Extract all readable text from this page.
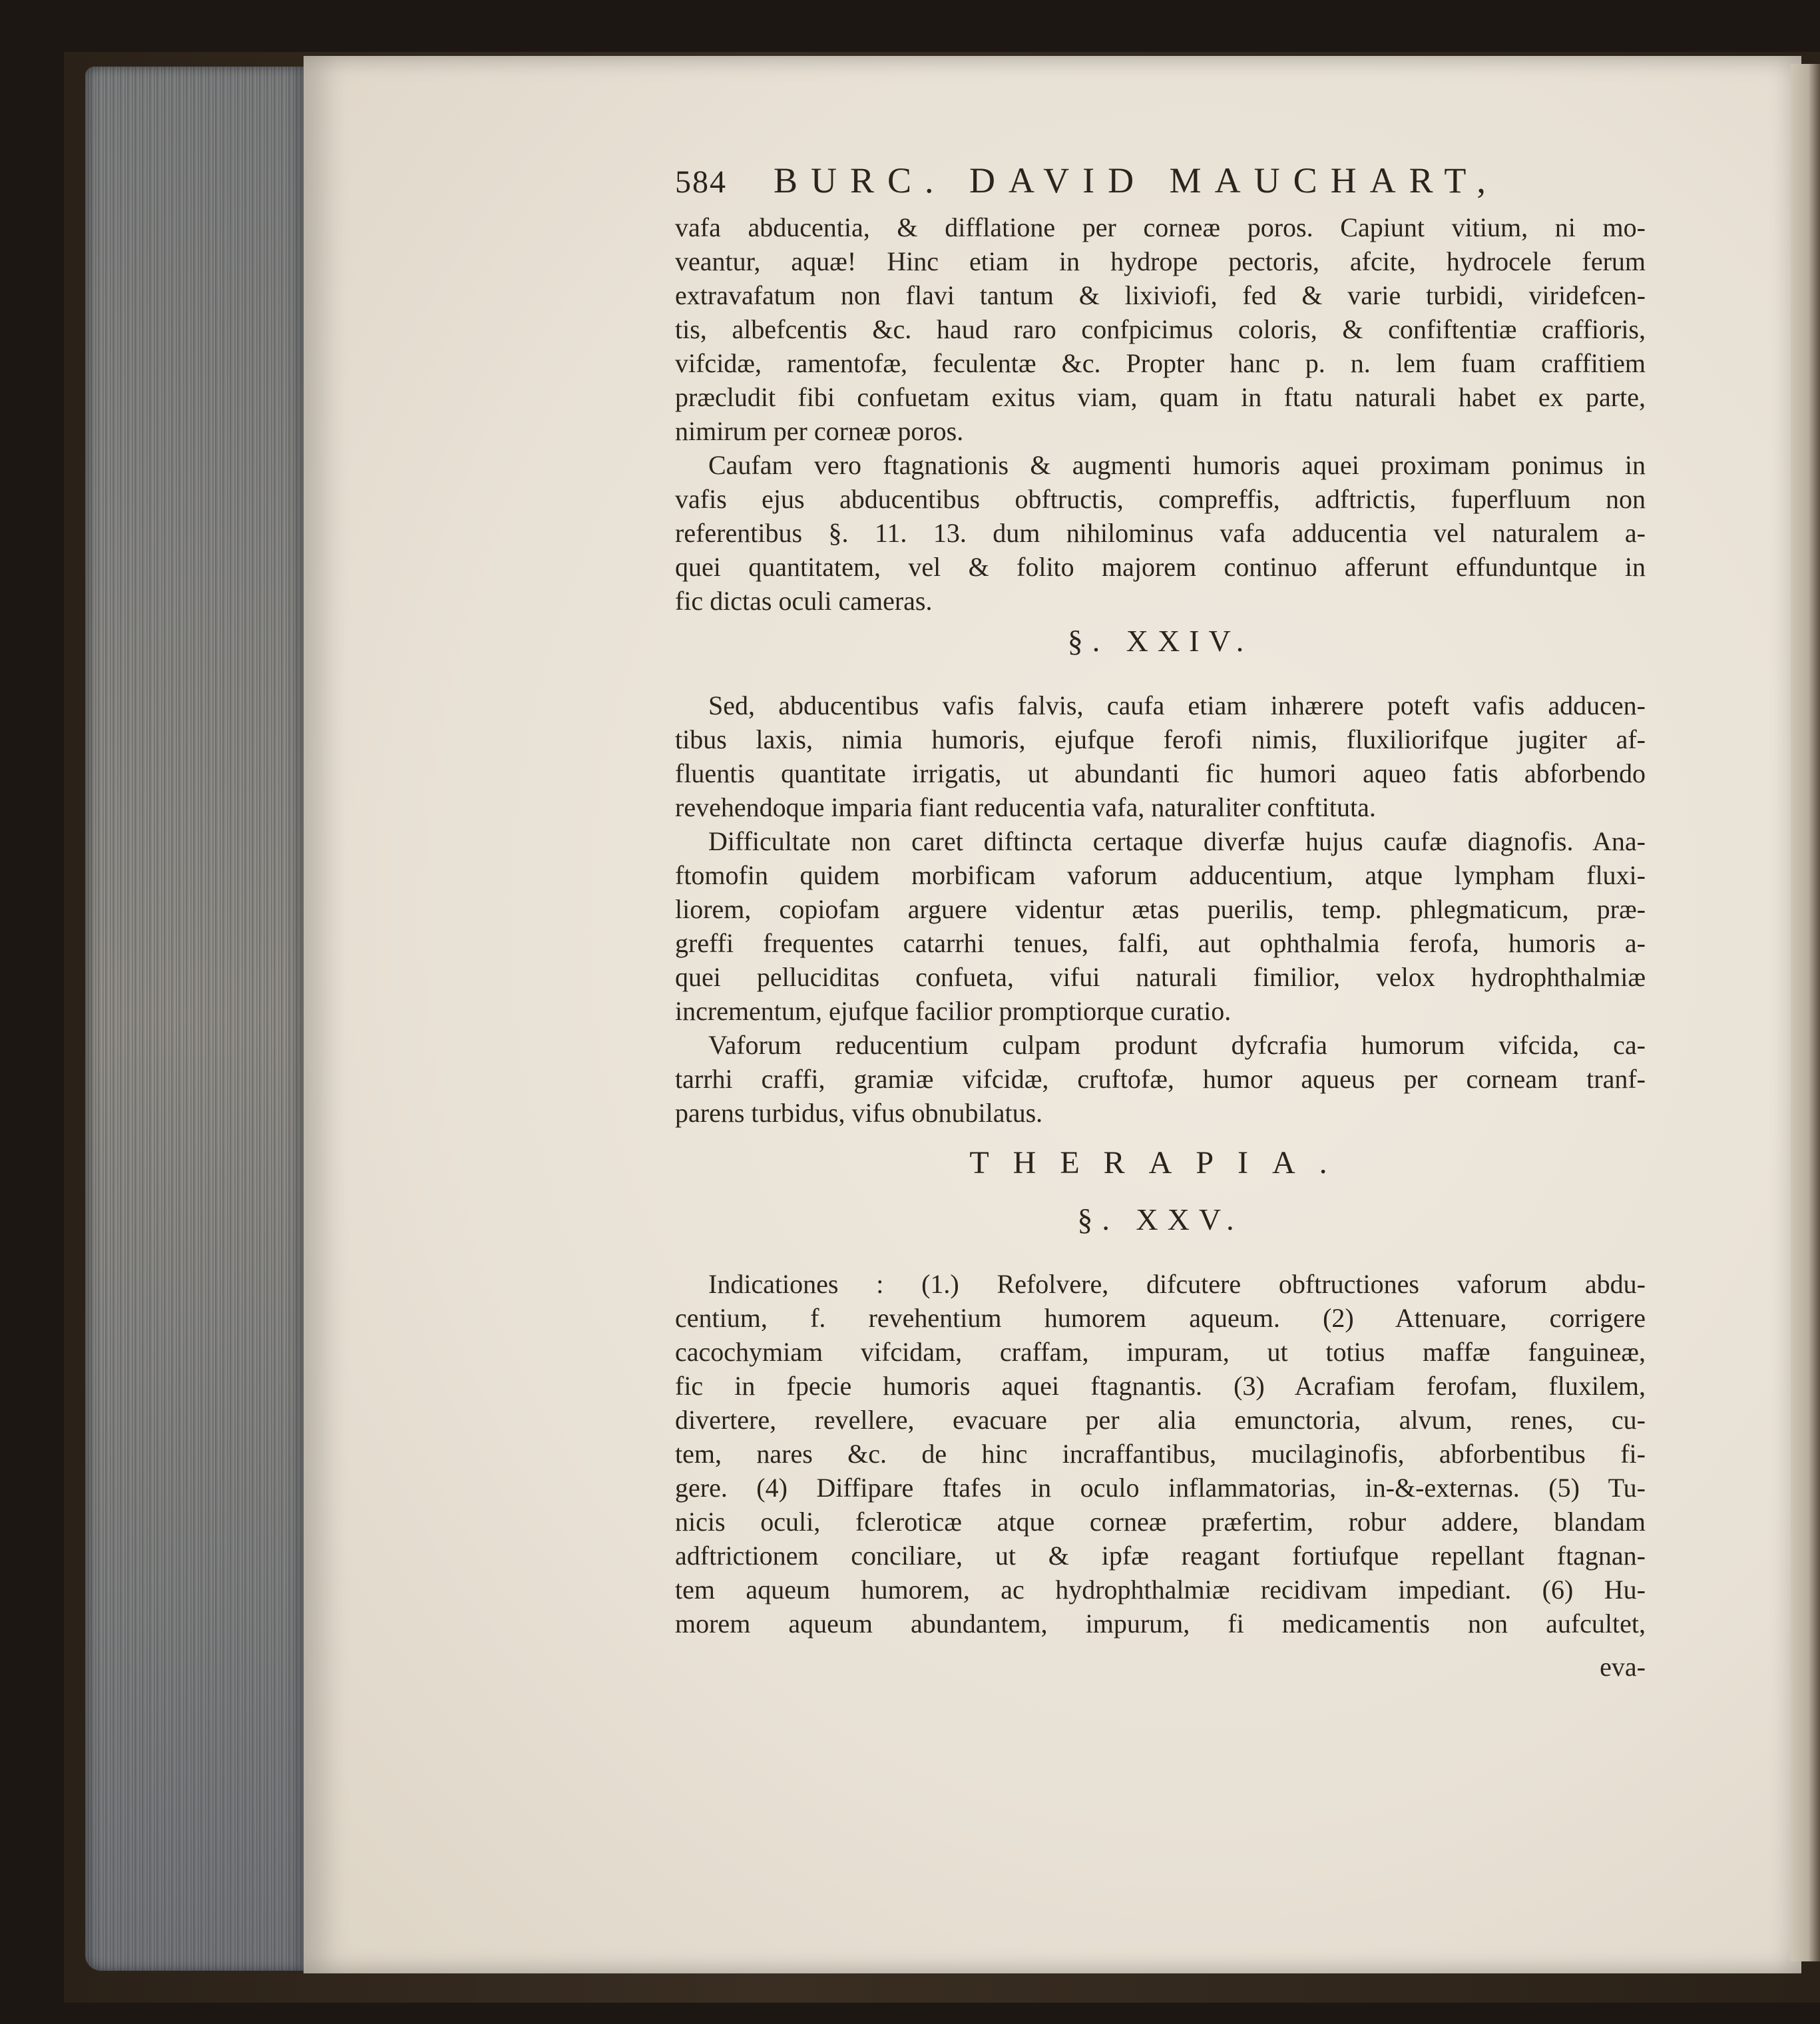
584	BURC. DAVID MAUCHART,
vafa abducentia, & difflatione per corneæ poros. Capiunt vitium, ni mo-
veantur, aquæ! Hinc etiam in hydrope pectoris, afcite, hydrocele ferum
extravafatum non flavi tantum & lixiviofi, fed & varie turbidi, viridefcen-
tis, albefcentis &c. haud raro confpicimus coloris, & confiftentiæ craffioris,
vifcidæ, ramentofæ, feculentæ &c. Propter hanc p. n. lem fuam craffitiem
præcludit fibi confuetam exitus viam, quam in ftatu naturali habet ex parte,
nimirum per corneæ poros.
Caufam vero ftagnationis & augmenti humoris aquei proximam ponimus in
vafis ejus abducentibus obftructis, compreffis, adftrictis, fuperfluum non
referentibus §. 11. 13. dum nihilominus vafa adducentia vel naturalem a-
quei quantitatem, vel & folito majorem continuo afferunt effunduntque in
fic dictas oculi cameras.
§. XXIV.
Sed, abducentibus vafis falvis, caufa etiam inhærere poteft vafis adducen-
tibus laxis, nimia humoris, ejufque ferofi nimis, fluxiliorifque jugiter af-
fluentis quantitate irrigatis, ut abundanti fic humori aqueo fatis abforbendo
revehendoque imparia fiant reducentia vafa, naturaliter conftituta.
Difficultate non caret diftincta certaque diverfæ hujus caufæ diagnofis. Ana-
ftomofin quidem morbificam vaforum adducentium, atque lympham fluxi-
liorem, copiofam arguere videntur ætas puerilis, temp. phlegmaticum, præ-
greffi frequentes catarrhi tenues, falfi, aut ophthalmia ferofa, humoris a-
quei pelluciditas confueta, vifui naturali fimilior, velox hydrophthalmiæ
incrementum, ejufque facilior promptiorque curatio.
Vaforum reducentium culpam produnt dyfcrafia humorum vifcida, ca-
tarrhi craffi, gramiæ vifcidæ, cruftofæ, humor aqueus per corneam tranf-
parens turbidus, vifus obnubilatus.
THERAPIA.
§. XXV.
Indicationes : (1.) Refolvere, difcutere obftructiones vaforum abdu-
centium, f. revehentium humorem aqueum. (2) Attenuare, corrigere
cacochymiam vifcidam, craffam, impuram, ut totius maffæ fanguineæ,
fic in fpecie humoris aquei ftagnantis. (3) Acrafiam ferofam, fluxilem,
divertere, revellere, evacuare per alia emunctoria, alvum, renes, cu-
tem, nares &c. de hinc incraffantibus, mucilaginofis, abforbentibus fi-
gere. (4) Diffipare ftafes in oculo inflammatorias, in-&-externas. (5) Tu-
nicis oculi, fcleroticæ atque corneæ præfertim, robur addere, blandam
adftrictionem conciliare, ut & ipfæ reagant fortiufque repellant ftagnan-
tem aqueum humorem, ac hydrophthalmiæ recidivam impediant. (6) Hu-
morem aqueum abundantem, impurum, fi medicamentis non aufcultet,
eva-
